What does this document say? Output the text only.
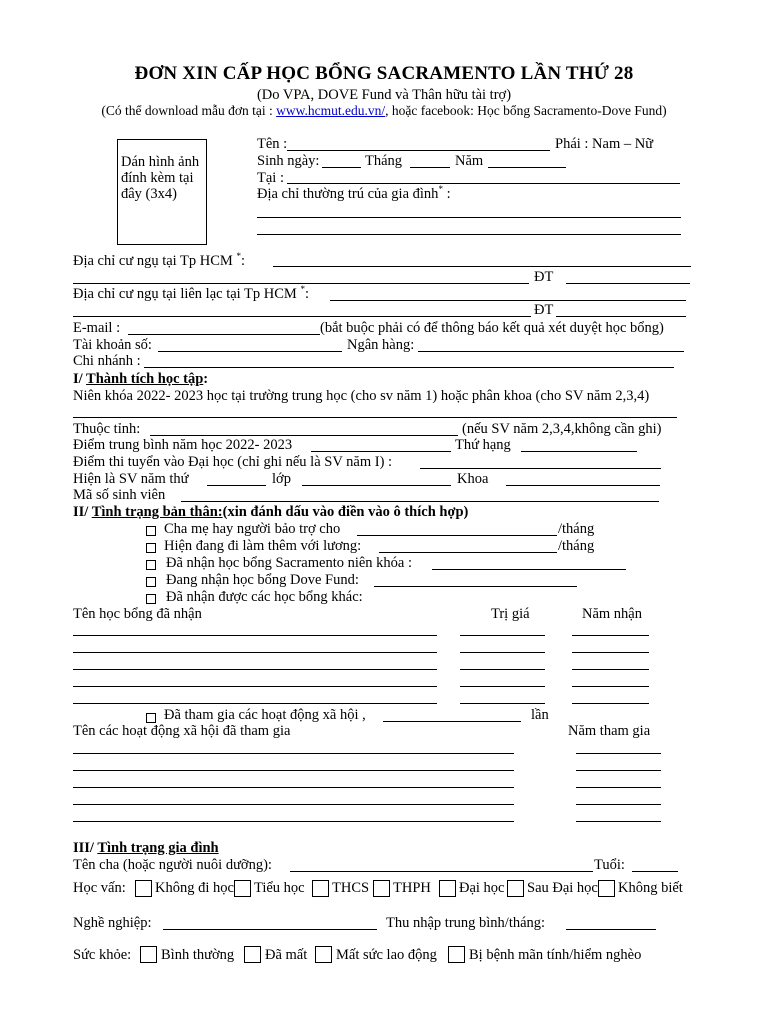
ĐƠN XIN CẤP HỌC BỔNG SACRAMENTO LẦN THỨ 28
(Do VPA, DOVE Fund và Thân hữu tài trợ)
(Có thể download mẫu đơn tại : www.hcmut.edu.vn/, hoặc facebook: Học bổng Sacramento-Dove Fund)
Dán hình ảnh đính kèm tại đây (3x4)
Tên :	Phái : Nam – Nữ
Sinh ngày:	Tháng	Năm
Tại :
Địa chỉ thường trú của gia đình* :
Địa chỉ cư ngụ tại Tp HCM *:
ĐT
Địa chỉ cư ngụ tại liên lạc tại Tp HCM *:
ĐT
E-mail :	(bắt buộc phải có để thông báo kết quả xét duyệt học bổng)
Tài khoản số:	Ngân hàng:
Chi nhánh :
I/ Thành tích học tập:
Niên khóa 2022- 2023 học tại trường trung học (cho sv năm 1) hoặc phân khoa (cho SV năm 2,3,4)
Thuộc tỉnh:	(nếu SV năm 2,3,4,không cần ghi)
Điểm trung bình năm học 2022- 2023	Thứ hạng
Điểm thi tuyển vào Đại học (chỉ ghi nếu là SV năm I) :
Hiện là SV năm thứ	lớp	Khoa
Mã số sinh viên
II/ Tình trạng bản thân:(xin đánh dấu vào điền vào ô thích hợp)
Cha mẹ hay người bảo trợ cho	/tháng
Hiện đang đi làm thêm với lương:	/tháng
Đã nhận học bổng Sacramento niên khóa :
Đang nhận học bổng Dove Fund:
Đã nhận được các học bổng khác:
Tên học bổng đã nhận	Trị giá	Năm nhận
Đã tham gia các hoạt động xã hội ,	lần
Tên các hoạt động xã hội đã tham gia	Năm tham gia
III/ Tình trạng gia đình
Tên cha (hoặc người nuôi dưỡng):	Tuổi:
Học vấn: Không đi học Tiểu học THCS THPH Đại học Sau Đại học Không biết
Nghề nghiệp:	Thu nhập trung bình/tháng:
Sức khỏe: Bình thường Đã mất Mất sức lao động Bị bệnh mãn tính/hiểm nghèo
